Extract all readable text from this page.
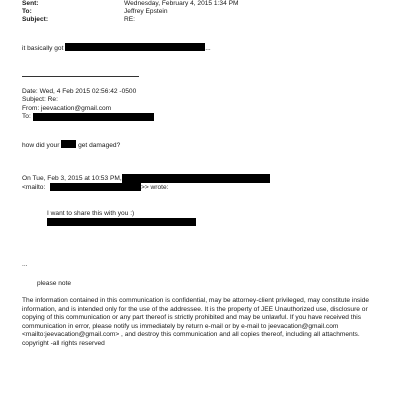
Sent:	Wednesday, February 4, 2015 1:34 PM
To:	Jeffrey Epstein
Subject:	RE:
it basically got	...
Date: Wed, 4 Feb 2015 02:56:42 -0500
Subject: Re:
From: jeevacation@gmail.com
To:
how did your	get damaged?
On Tue, Feb 3, 2015 at 10:53 PM,
<mailto:	>> wrote:
I want to share this with you :)
...
please note
The information contained in this communication is confidential, may be attorney-client privileged, may constitute inside information, and is intended only for the use of the addressee. It is the property of JEE Unauthorized use, disclosure or copying of this communication or any part thereof is strictly prohibited and may be unlawful. If you have received this communication in error, please notify us immediately by return e-mail or by e-mail to jeevacation@gmail.com <mailto:jeevacation@gmail.com> , and destroy this communication and all copies thereof, including all attachments. copyright -all rights reserved
